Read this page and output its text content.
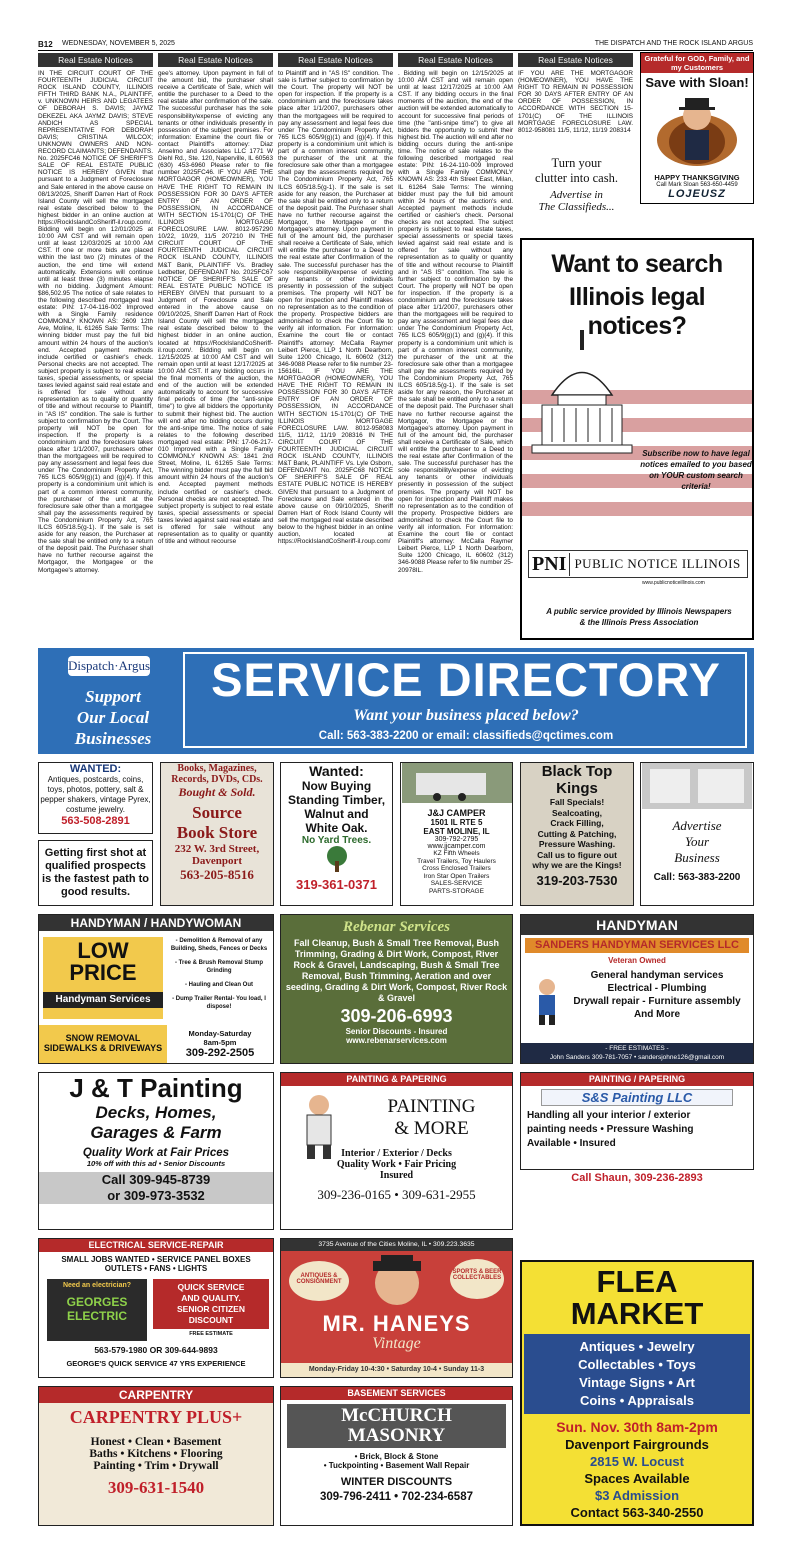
B12 WEDNESDAY, NOVEMBER 5, 2025	THE DISPATCH AND THE ROCK ISLAND ARGUS
Real Estate Notices	Real Estate Notices	Real Estate Notices	Real Estate Notices	Real Estate Notices

IN THE CIRCUIT COURT OF THE FOURTEENTH JUDICIAL CIRCUIT ROCK ISLAND COUNTY, ILLINOIS FIFTH THIRD BANK N.A., PLAINTIFF, v. UNKNOWN HEIRS AND LEGATEES OF DEBORAH S. DAVIS; JAYMZ DEKEZEL AKA JAYMZ DAVIS; STEVE ANDICH AS SPECIAL REPRESENTATIVE FOR DEBORAH DAVIS; CRISTINA WILCOX; UNKNOWN OWNERS AND NON-RECORD CLAIMANTS; DEFENDANTS. No. 2025FC46 NOTICE OF SHERIFF'S SALE OF REAL ESTATE PUBLIC NOTICE IS HEREBY GIVEN that pursuant to a Judgment of Foreclosure and Sale entered in the above cause on 08/13/2025, Sheriff Darren Hart of Rock Island County will sell the mortgaged real estate described below to the highest bidder in an online auction at https://RockIslandCoSheriff-il.roup.com/. Bidding will begin on 12/01/2025 at 10:00 AM CST and will remain open until at least 12/03/2025 at 10:00 AM CST. If one or more bids are placed within the last two (2) minutes of the auction, the end time will extend automatically. Extensions will continue until at least three (3) minutes elapse with no bidding. Judgment Amount: $86,502.95 The notice of sale relates to the following described mortgaged real estate: PIN: 17-04-116-002 Improved with a Single Family residence COMMONLY KNOWN AS: 2609 12th Ave, Moline, IL 61265 Sale Terms: The winning bidder must pay the full bid amount within 24 hours of the auction's end. Accepted payment methods include certified or cashier's check. Personal checks are not accepted. The subject property is subject to real estate taxes, special assessments, or special taxes levied against said real estate and is offered for sale without any representation as to quality or quantity of title and without recourse to Plaintiff, in "AS IS" condition. The sale is further subject to confirmation by the Court. The property will NOT be open for inspection. If the property is a condominium and the foreclosure takes place after 1/1/2007, purchasers other than the mortgagees will be required to pay any assessment and legal fees due under The Condominium Property Act, 765 ILCS 605/9(g)(1) and (g)(4). If this property is a condominium unit which is part of a common interest community, the purchaser of the unit at the foreclosure sale other than a mortgagee shall pay the assessments required by The Condominium Property Act, 765 ILCS 605/18.5(g-1). If the sale is set aside for any reason, the Purchaser at the sale shall be entitled only to a return of the deposit paid. The Purchaser shall have no further recourse against the Mortgagor, the Mortgagee or the Mortgagee's attorney.

gee's attorney. Upon payment in full of the amount bid, the purchaser shall receive a Certificate of Sale, which will entitle the purchaser to a Deed to the real estate after confirmation of the sale. The successful purchaser has the sole responsibility/expense of evicting any tenants or other individuals presently in possession of the subject premises. For information: Examine the court file or contact Plaintiff's attorney: Diaz Anselmo and Associates LLC 1771 W Diehl Rd., Ste. 120, Naperville, IL 60563 (630) 453-6960 Please refer to file number 2025FC46. IF YOU ARE THE MORTGAGOR (HOMEOWNER), YOU HAVE THE RIGHT TO REMAIN IN POSSESSION FOR 30 DAYS AFTER ENTRY OF AN ORDER OF POSSESSION, IN ACCORDANCE WITH SECTION 15-1701(C) OF THE ILLINOIS MORTGAGE FORECLOSURE LAW. 8012-957290 10/22, 10/29, 11/5 207210 IN THE CIRCUIT COURT OF THE FOURTEENTH JUDICIAL CIRCUIT ROCK ISLAND COUNTY, ILLINOIS M&T Bank, PLAINTIFF Vs. Bradley Ledbetter, DEFENDANT No. 2025FC67 NOTICE OF SHERIFF'S SALE OF REAL ESTATE PUBLIC NOTICE IS HEREBY GIVEN that pursuant to a Judgment of Foreclosure and Sale entered in the above cause on 09/10/2025, Sheriff Darren Hart of Rock Island County will sell the mortgaged real estate described below to the highest bidder in an online auction, located at https://RockIslandCoSheriff-il.roup.com/. Bidding will begin on 12/15/2025 at 10:00 AM CST and will remain open until at least 12/17/2025 at 10:00 AM CST. If any bidding occurs in the final moments of the auction, the end of the auction will be extended automatically to account for successive final periods of time (the "anti-snipe time") to give all bidders the opportunity to submit their highest bid. The auction will end after no bidding occurs during the anti-snipe time. The notice of sale relates to the following described mortgaged real estate: PIN: 17-06-217-010 Improved with a Single Family COMMONLY KNOWN AS: 1841 2nd Street, Moline, IL 61265 Sale Terms: The winning bidder must pay the full bid amount within 24 hours of the auction's end. Accepted payment methods include certified or cashier's check. Personal checks are not accepted. The subject property is subject to real estate taxes, special assessments or special taxes levied against said real estate and is offered for sale without any representation as to quality or quantity of title and without recourse

to Plaintiff and in "AS IS" condition. The sale is further subject to confirmation by the Court. The property will NOT be open for inspection. If the property is a condominium and the foreclosure takes place after 1/1/2007, purchasers other than the mortgagees will be required to pay any assessment and legal fees due under The Condominium Property Act, 765 ILCS 605/9(g)(1) and (g)(4). If this property is a condominium unit which is part of a common interest community, the purchaser of the unit at the foreclosure sale other than a mortgagee shall pay the assessments required by The Condominium Property Act, 765 ILCS 605/18.5(g-1). If the sale is set aside for any reason, the Purchaser at the sale shall be entitled only to a return of the deposit paid. The Purchaser shall have no further recourse against the Mortgagor, the Mortgagee or the Mortgagee's attorney. Upon payment in full of the amount bid, the purchaser shall receive a Certificate of Sale, which will entitle the purchaser to a Deed to the real estate after Confirmation of the sale. The successful purchaser has the sole responsibility/expense of evicting any tenants or other individuals presently in possession of the subject premises. The property will NOT be open for inspection and Plaintiff makes no representation as to the condition of the property. Prospective bidders are admonished to check the Court file to verify all information. For information: Examine the court file or contact Plaintiff's attorney: McCalla Raymer Leibert Pierce, LLP 1 North Dearborn, Suite 1200 Chicago, IL 60602 (312) 346-9088 Please refer to file number 23-15616IL. IF YOU ARE THE MORTGAGOR (HOMEOWNER), YOU HAVE THE RIGHT TO REMAIN IN POSSESSION FOR 30 DAYS AFTER ENTRY OF AN ORDER OF POSSESSION, IN ACCORDANCE WITH SECTION 15-1701(C) OF THE ILLINOIS MORTGAGE FORECLOSURE LAW. 8012-958083 11/5, 11/12, 11/19 208316 IN THE CIRCUIT COURT OF THE FOURTEENTH JUDICIAL CIRCUIT ROCK ISLAND COUNTY, ILLINOIS M&T Bank, PLAINTIFF Vs. Lyle Osborn, DEFENDANT No. 2025FC68 NOTICE OF SHERIFF'S SALE OF REAL ESTATE PUBLIC NOTICE IS HEREBY GIVEN that pursuant to a Judgment of Foreclosure and Sale entered in the above cause on 09/10/2025, Sheriff Darren Hart of Rock Island County will sell the mortgaged real estate described below to the highest bidder in an online auction, located at https://RockIslandCoSheriff-il.roup.com/

. Bidding will begin on 12/15/2025 at 10:00 AM CST and will remain open until at least 12/17/2025 at 10:00 AM CST. If any bidding occurs in the final moments of the auction, the end of the auction will be extended automatically to account for successive final periods of time (the "anti-snipe time") to give all bidders the opportunity to submit their highest bid. The auction will end after no bidding occurs during the anti-snipe time. The notice of sale relates to the following described mortgaged real estate: PIN: 16-24-110-009 Improved with a Single Family COMMONLY KNOWN AS: 233 4th Street East, Milan, IL 61264 Sale Terms: The winning bidder must pay the full bid amount within 24 hours of the auction's end. Accepted payment methods include certified or cashier's check. Personal checks are not accepted. The subject property is subject to real estate taxes, special assessments or special taxes levied against said real estate and is offered for sale without any representation as to quality or quantity of title and without recourse to Plaintiff and in "AS IS" condition. The sale is further subject to confirmation by the Court. The property will NOT be open for inspection. If the property is a condominium and the foreclosure takes place after 1/1/2007, purchasers other than the mortgagees will be required to pay any assessment and legal fees due under The Condominium Property Act, 765 ILCS 605/9(g)(1) and (g)(4). If this property is a condominium unit which is part of a common interest community, the purchaser of the unit at the foreclosure sale other than a mortgagee shall pay the assessments required by The Condominium Property Act, 765 ILCS 605/18.5(g-1). If the sale is set aside for any reason, the Purchaser at the sale shall be entitled only to a return of the deposit paid. The Purchaser shall have no further recourse against the Mortgagor, the Mortgagee or the Mortgagee's attorney. Upon payment in full of the amount bid, the purchaser shall receive a Certificate of Sale, which will entitle the purchaser to a Deed to the real estate after Confirmation of the sale. The successful purchaser has the sole responsibility/expense of evicting any tenants or other individuals presently in possession of the subject premises. The property will NOT be open for inspection and Plaintiff makes no representation as to the condition of the property. Prospective bidders are admonished to check the Court file to verify all information. For information: Examine the court file or contact Plaintiff's attorney: McCalla Raymer Leibert Pierce, LLP 1 North Dearborn, Suite 1200 Chicago, IL 60602 (312) 346-9088 Please refer to file number 25-20978IL.

IF YOU ARE THE MORTGAGOR (HOMEOWNER), YOU HAVE THE RIGHT TO REMAIN IN POSSESSION FOR 30 DAYS AFTER ENTRY OF AN ORDER OF POSSESSION, IN ACCORDANCE WITH SECTION 15-1701(C) OF THE ILLINOIS MORTGAGE FORECLOSURE LAW. 8012-958081 11/5, 11/12, 11/19 208314

Grateful for GOD, Family, and my Customers
Save with Sloan!
HAPPY THANKSGIVING
Call Mark Sloan 563-650-4459
LOJEUSZ
Turn your
clutter into cash.
Advertise in
The Classifieds...
Want to search
Illinois legal notices?
Subscribe now to have legal
notices emailed to you based
on YOUR custom search criteria!
PNI PUBLIC NOTICE ILLINOIS
www.publicnoticeillinois.com
A public service provided by Illinois Newspapers
& the Illinois Press Association
Dispatch·Argus
Support
Our Local
Businesses
SERVICE DIRECTORY
Want your business placed below?
Call: 563-383-2200 or email: classifieds@qctimes.com
WANTED:
Antiques, postcards, coins, toys, photos, pottery, salt & pepper shakers, vintage Pyrex, costume jewelry.
563-508-2891
Getting first shot at qualified prospects is the fastest path to good results.
Books, Magazines,
Records, DVDs, CDs.
Bought & Sold.
Source
Book Store
232 W. 3rd Street,
Davenport
563-205-8516
Wanted:
Now Buying
Standing Timber,
Walnut and
White Oak.
No Yard Trees.
319-361-0371
J&J CAMPER
1501 IL RTE 5
EAST MOLINE, IL
309-792-2795
www.jjcamper.com
KZ Fifth Wheels
Travel Trailers, Toy Haulers
Cross Enclosed Trailers
Iron Star Open Trailers
SALES-SERVICE
PARTS-STORAGE
Black Top
Kings
Fall Specials!
Sealcoating,
Crack Filling,
Cutting & Patching,
Pressure Washing.
Call us to figure out
why we are the Kings!
319-203-7530
Advertise
Your
Business
Call: 563-383-2200
HANDYMAN / HANDYWOMAN
LOW
PRICE
Handyman Services
- Demolition & Removal of any Building, Sheds, Fences or Decks
- Tree & Brush Removal Stump Grinding
- Hauling and Clean Out
- Dump Trailer Rental- You load, I dispose!
SNOW REMOVAL
SIDEWALKS & DRIVEWAYS
Monday-Saturday
8am-5pm
309-292-2505
Rebenar Services
Fall Cleanup, Bush & Small Tree Removal, Bush Trimming, Grading & Dirt Work, Compost, River Rock & Gravel, Landscaping, Bush & Small Tree Removal, Bush Trimming, Aeration and over seeding, Grading & Dirt Work, Compost, River Rock & Gravel
309-206-6993
Senior Discounts - Insured
www.rebenarservices.com
HANDYMAN
SANDERS HANDYMAN SERVICES LLC
Veteran Owned
General handyman services
Electrical - Plumbing
Drywall repair - Furniture assembly
And More
- FREE ESTIMATES -
John Sanders 309-781-7057 • sandersjohne126@gmail.com
J & T Painting
Decks, Homes,
Garages & Farm
Quality Work at Fair Prices
10% off with this ad • Senior Discounts
Call 309-945-8739
or 309-973-3532
PAINTING & PAPERING
PAINTING
& MORE
Interior / Exterior / Decks
Quality Work • Fair Pricing
Insured
309-236-0165 • 309-631-2955
PAINTING / PAPERING
S&S Painting LLC
Handling all your interior / exterior
painting needs • Pressure Washing
Available • Insured
Call Shaun, 309-236-2893
ELECTRICAL SERVICE-REPAIR
SMALL JOBS WANTED • SERVICE PANEL BOXES
OUTLETS • FANS • LIGHTS
Need an electrician?
GEORGES
ELECTRIC
QUICK SERVICE
AND QUALITY.
SENIOR CITIZEN
DISCOUNT
FREE ESTIMATE
563-579-1980 OR 309-644-9893
GEORGE'S QUICK SERVICE 47 YRS EXPERIENCE
3735 Avenue of the Cities Moline, IL • 309.223.3635
ANTIQUES & CONSIGNMENT
SPORTS & BEER COLLECTABLES
MR. HANEYS
Vintage
Monday-Friday 10-4:30 • Saturday 10-4 • Sunday 11-3
CARPENTRY
CARPENTRY PLUS+
Honest • Clean • Basement
Baths • Kitchens • Flooring
Painting • Trim • Drywall
309-631-1540
BASEMENT SERVICES
McCHURCH
MASONRY
• Brick, Block & Stone
• Tuckpointing • Basement Wall Repair
WINTER DISCOUNTS
309-796-2411 • 702-234-6587
FLEA
MARKET
Antiques • Jewelry
Collectables • Toys
Vintage Signs • Art
Coins • Appraisals
Sun. Nov. 30th 8am-2pm
Davenport Fairgrounds
2815 W. Locust
Spaces Available
$3 Admission
Contact 563-340-2550
